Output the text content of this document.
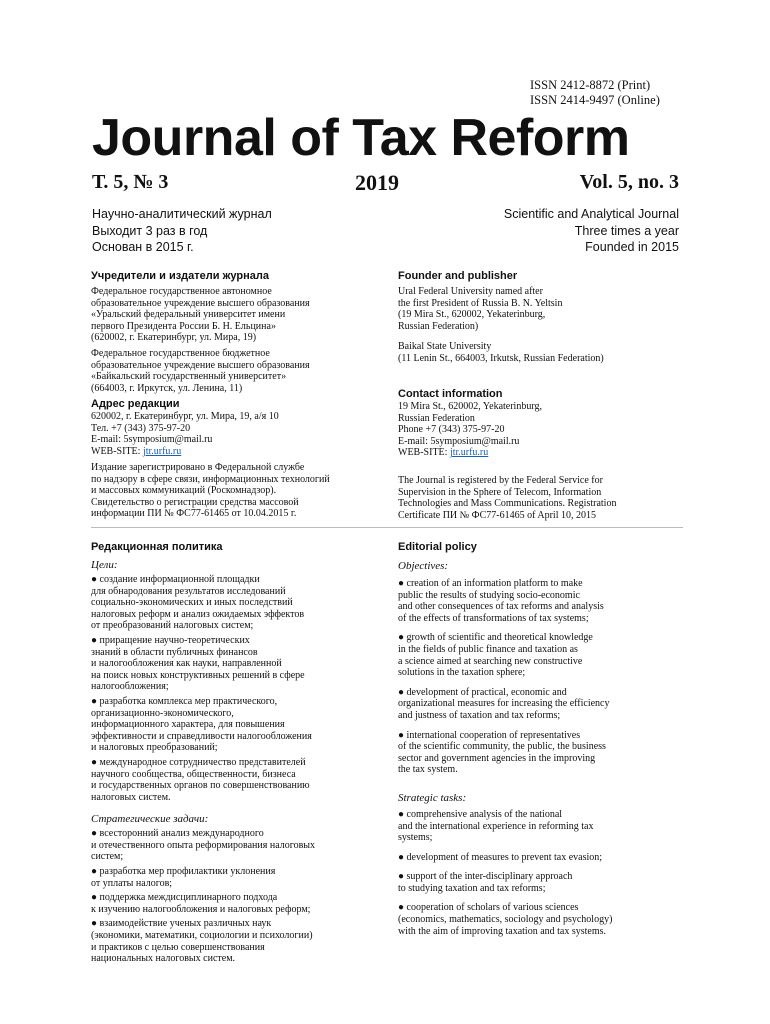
ISSN 2412-8872 (Print)
ISSN 2414-9497 (Online)
Journal of Tax Reform
Т. 5, № 3	2019	Vol. 5, no. 3
Научно-аналитический журнал
Выходит 3 раз в год
Основан в 2015 г.
Scientific and Analytical Journal
Three times a year
Founded in 2015

Учредители и издатели журнала

Федеральное государственное автономное
образовательное учреждение высшего образования
«Уральский федеральный университет имени
первого Президента России Б. Н. Ельцина»
(620002, г. Екатеринбург, ул. Мира, 19)

Федеральное государственное бюджетное
образовательное учреждение высшего образования
«Байкальский государственный университет»
(664003, г. Иркутск, ул. Ленина, 11)

Адрес редакции

620002, г. Екатеринбург, ул. Мира, 19, а/я 10
Тел. +7 (343) 375-97-20
E-mail: 5symposium@mail.ru

WEB-SITE: jtr.urfu.ru

Издание зарегистрировано в Федеральной службе
по надзору в сфере связи, информационных технологий
и массовых коммуникаций (Роскомнадзор).
Свидетельство о регистрации средства массовой
информации ПИ № ФС77-61465 от 10.04.2015 г.

Founder and publisher

Ural Federal University named after
the first President of Russia B. N. Yeltsin
(19 Mira St., 620002, Yekaterinburg,
Russian Federation)

Baikal State University
(11 Lenin St., 664003, Irkutsk, Russian Federation)

Contact information

19 Mira St., 620002, Yekaterinburg,
Russian Federation
Phone +7 (343) 375-97-20
E-mail: 5symposium@mail.ru

WEB-SITE: jtr.urfu.ru

The Journal is registered by the Federal Service for
Supervision in the Sphere of Telecom, Information
Technologies and Mass Communications. Registration
Certificate ПИ № ФС77-61465 of April 10, 2015

Редакционная политика

Цели:

● создание информационной площадки
для обнародования результатов исследований
социально-экономических и иных последствий
налоговых реформ и анализ ожидаемых эффектов
от преобразований налоговых систем;

● приращение научно-теоретических
знаний в области публичных финансов
и налогообложения как науки, направленной
на поиск новых конструктивных решений в сфере
налогообложения;

● разработка комплекса мер практического,
организационно-экономического,
информационного характера, для повышения
эффективности и справедливости налогообложения
и налоговых преобразований;

● международное сотрудничество представителей
научного сообщества, общественности, бизнеса
и государственных органов по совершенствованию
налоговых систем.

Стратегические задачи:

● всесторонний анализ международного
и отечественного опыта реформирования налоговых
систем;

● разработка мер профилактики уклонения
от уплаты налогов;

● поддержка междисциплинарного подхода
к изучению налогообложения и налоговых реформ;

● взаимодействие ученых различных наук
(экономики, математики, социологии и психологии)
и практиков с целью совершенствования
национальных налоговых систем.

Editorial policy

Objectives:

● creation of an information platform to make
public the results of studying socio-economic
and other consequences of tax reforms and analysis
of the effects of transformations of tax systems;

● growth of scientific and theoretical knowledge
in the fields of public finance and taxation as
a science aimed at searching new constructive
solutions in the taxation sphere;

● development of practical, economic and
organizational measures for increasing the efficiency
and justness of taxation and tax reforms;

● international cooperation of representatives
of the scientific community, the public, the business
sector and government agencies in the improving
the tax system.

Strategic tasks:

● comprehensive analysis of the national
and the international experience in reforming tax
systems;

● development of measures to prevent tax evasion;

● support of the inter-disciplinary approach
to studying taxation and tax reforms;

● cooperation of scholars of various sciences
(economics, mathematics, sociology and psychology)
with the aim of improving taxation and tax systems.
